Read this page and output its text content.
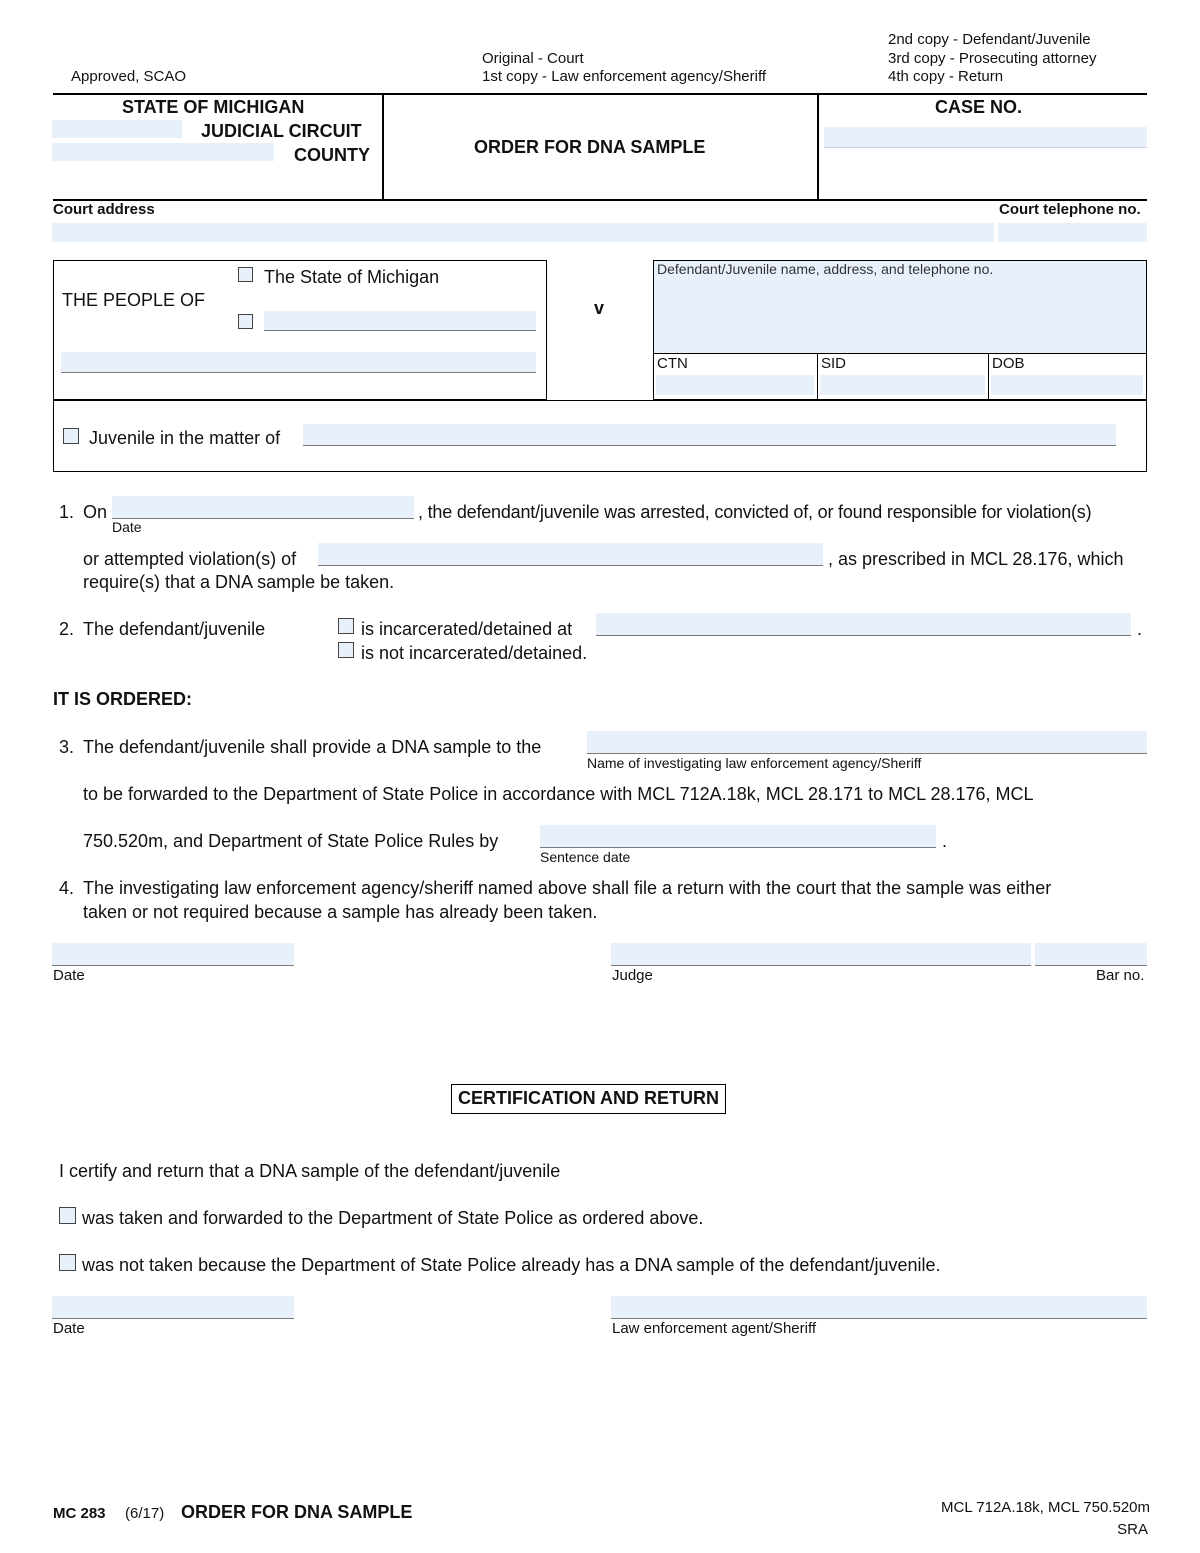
Approved, SCAO
Original - Court
1st copy - Law enforcement agency/Sheriff
2nd copy - Defendant/Juvenile
3rd copy - Prosecuting attorney
4th copy - Return
STATE OF MICHIGAN
JUDICIAL CIRCUIT
COUNTY	ORDER FOR DNA SAMPLE
CASE NO.
Court address	Court telephone no.
THE PEOPLE OF
The State of Michigan
v
Defendant/Juvenile name, address, and telephone no.
CTN	SID	DOB
Juvenile in the matter of
1. On
Date
, the defendant/juvenile was arrested, convicted of, or found responsible for violation(s)
or attempted violation(s) of	, as prescribed in MCL 28.176, which
require(s) that a DNA sample be taken.
2. The defendant/juvenile	is incarcerated/detained at	.
is not incarcerated/detained.
IT IS ORDERED:
3. The defendant/juvenile shall provide a DNA sample to the
Name of investigating law enforcement agency/Sheriff
to be forwarded to the Department of State Police in accordance with MCL 712A.18k, MCL 28.171 to MCL 28.176, MCL
750.520m, and Department of State Police Rules by	.
Sentence date
4. The investigating law enforcement agency/sheriff named above shall file a return with the court that the sample was either
taken or not required because a sample has already been taken.
Date	Judge	Bar no.
CERTIFICATION AND RETURN
I certify and return that a DNA sample of the defendant/juvenile
was taken and forwarded to the Department of State Police as ordered above.
was not taken because the Department of State Police already has a DNA sample of the defendant/juvenile.
Date	Law enforcement agent/Sheriff
MC 283 (6/17) ORDER FOR DNA SAMPLE	MCL 712A.18k, MCL 750.520m
SRA
